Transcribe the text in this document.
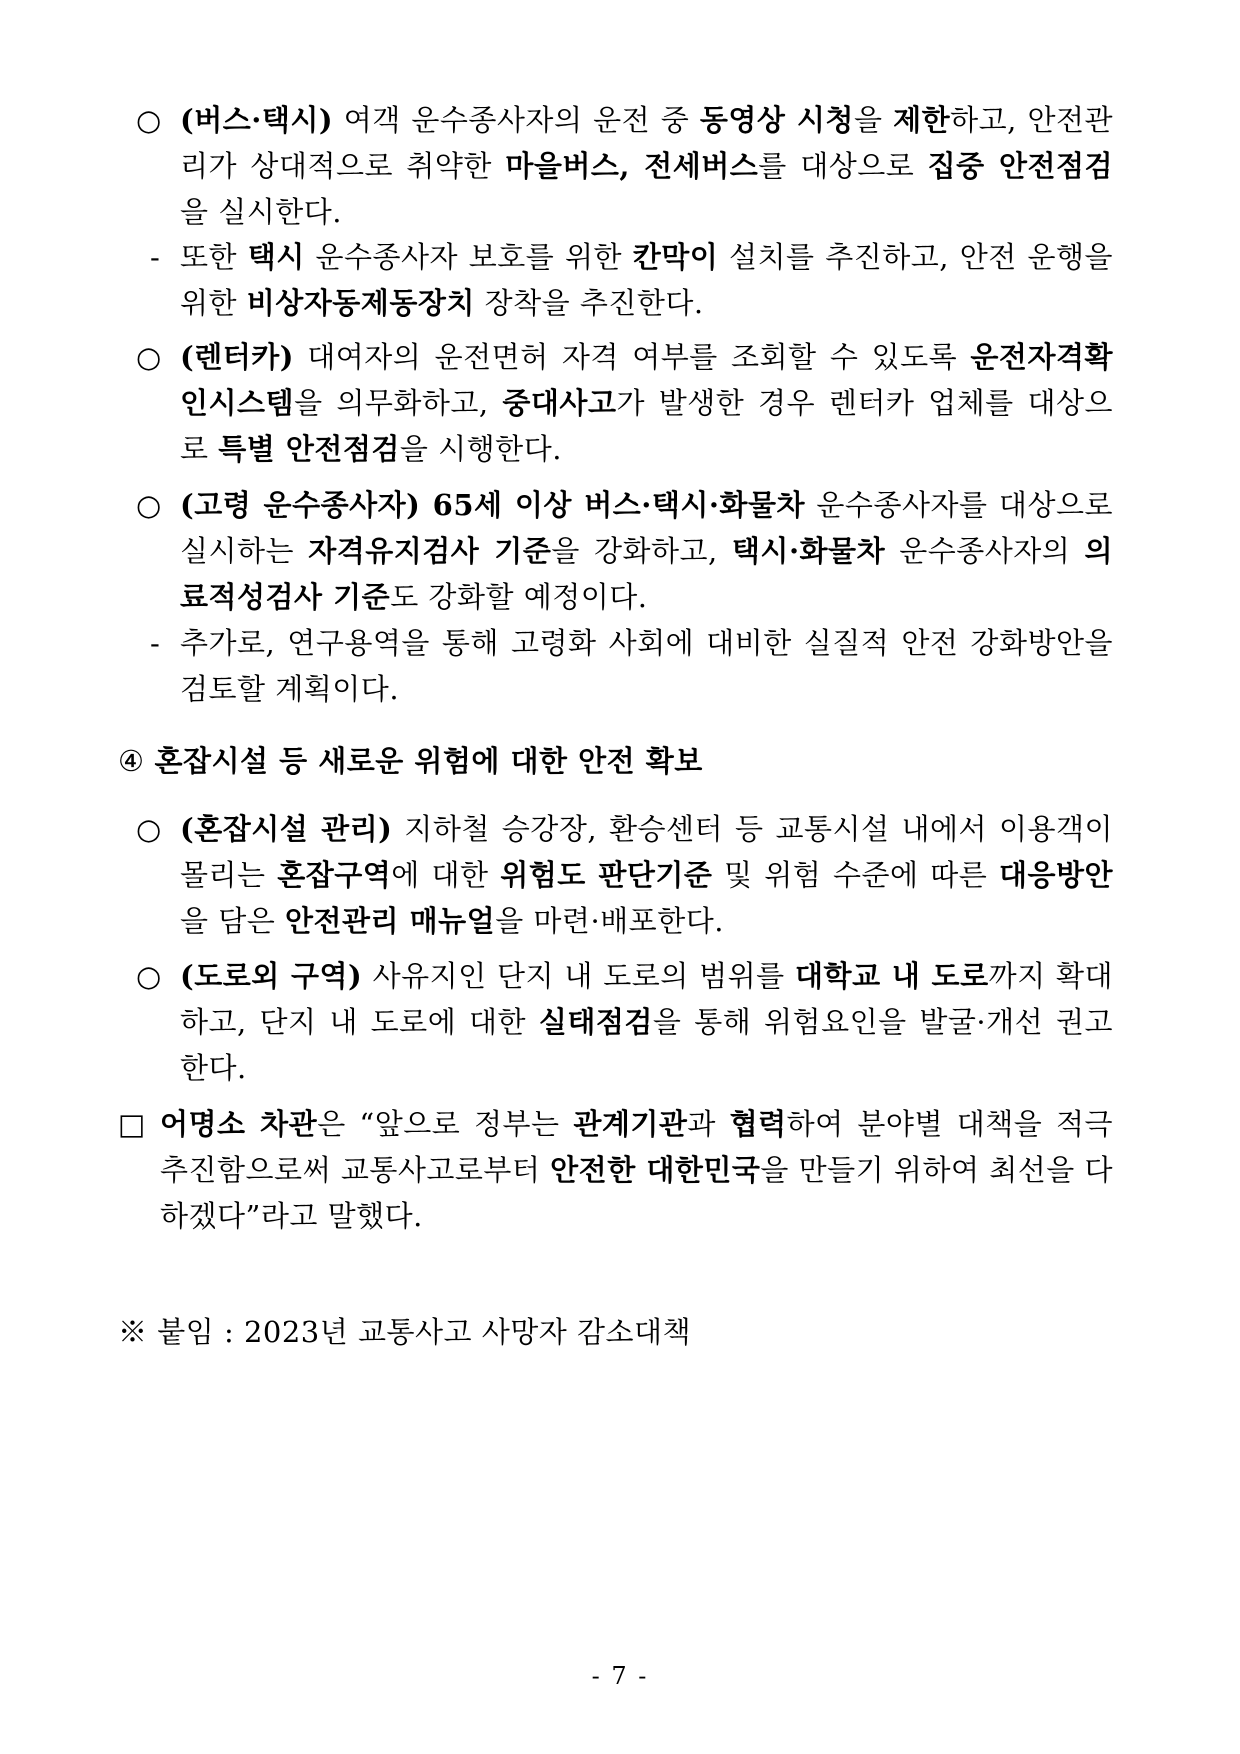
○ (버스·택시) 여객 운수종사자의 운전 중 동영상 시청을 제한하고, 안전관리가 상대적으로 취약한 마을버스, 전세버스를 대상으로 집중 안전점검을 실시한다.
- 또한 택시 운수종사자 보호를 위한 칸막이 설치를 추진하고, 안전 운행을 위한 비상자동제동장치 장착을 추진한다.
○ (렌터카) 대여자의 운전면허 자격 여부를 조회할 수 있도록 운전자격확인시스템을 의무화하고, 중대사고가 발생한 경우 렌터카 업체를 대상으로 특별 안전점검을 시행한다.
○ (고령 운수종사자) 65세 이상 버스·택시·화물차 운수종사자를 대상으로 실시하는 자격유지검사 기준을 강화하고, 택시·화물차 운수종사자의 의료적성검사 기준도 강화할 예정이다.
- 추가로, 연구용역을 통해 고령화 사회에 대비한 실질적 안전 강화방안을 검토할 계획이다.
④ 혼잡시설 등 새로운 위험에 대한 안전 확보
○ (혼잡시설 관리) 지하철 승강장, 환승센터 등 교통시설 내에서 이용객이 몰리는 혼잡구역에 대한 위험도 판단기준 및 위험 수준에 따른 대응방안을 담은 안전관리 매뉴얼을 마련·배포한다.
○ (도로외 구역) 사유지인 단지 내 도로의 범위를 대학교 내 도로까지 확대하고, 단지 내 도로에 대한 실태점검을 통해 위험요인을 발굴·개선 권고한다.
□ 어명소 차관은 “앞으로 정부는 관계기관과 협력하여 분야별 대책을 적극 추진함으로써 교통사고로부터 안전한 대한민국을 만들기 위하여 최선을 다하겠다”라고 말했다.
※ 붙임 : 2023년 교통사고 사망자 감소대책
- 7 -
